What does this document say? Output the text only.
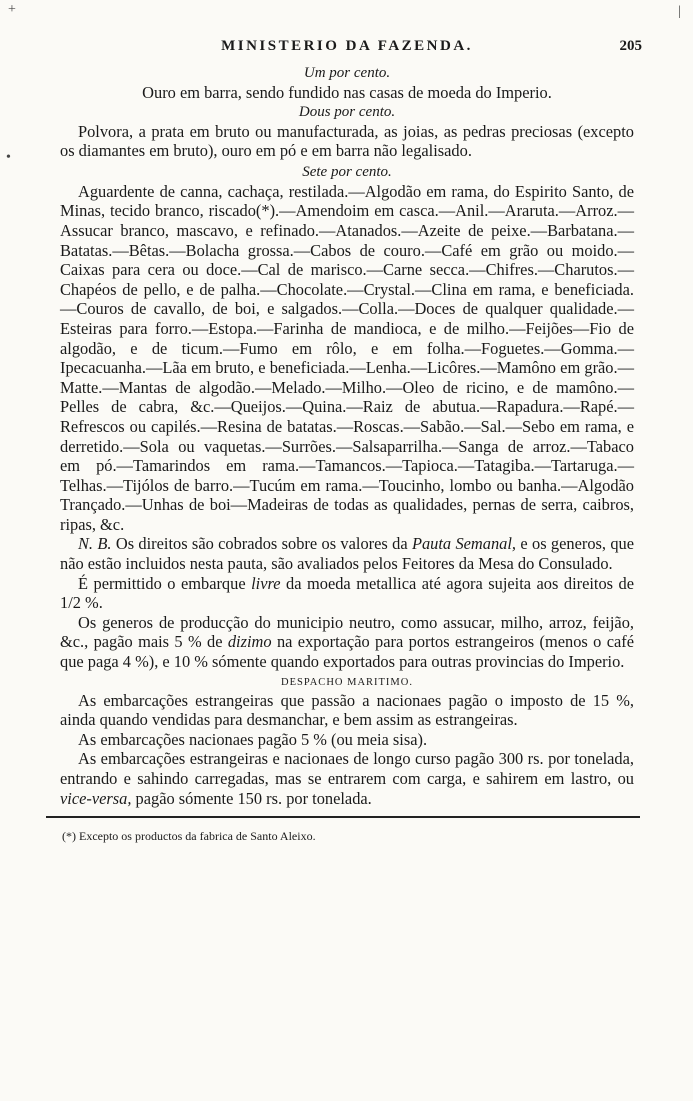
+
•
|
MINISTERIO DA FAZENDA.	205
Um por cento.

Ouro em barra, sendo fundido nas casas de moeda do Imperio.

Dous por cento.

Polvora, a prata em bruto ou manufacturada, as joias, as pedras preciosas (excepto os diamantes em bruto), ouro em pó e em barra não legalisado.

Sete por cento.

Aguardente de canna, cachaça, restilada.—Algodão em rama, do Espirito Santo, de Minas, tecido branco, riscado(*).—Amendoim em casca.—Anil.—Araruta.—Arroz.—Assucar branco, mascavo, e refinado.—Atanados.—Azeite de peixe.—Barbatana.—Batatas.—Bêtas.—Bolacha grossa.—Cabos de couro.—Café em grão ou moido.—Caixas para cera ou doce.—Cal de marisco.—Carne secca.—Chifres.—Charutos.—Chapéos de pello, e de palha.—Chocolate.—Crystal.—Clina em rama, e beneficiada.—Couros de cavallo, de boi, e salgados.—Colla.—Doces de qualquer qualidade.—Esteiras para forro.—Estopa.—Farinha de mandioca, e de milho.—Feijões—Fio de algodão, e de ticum.—Fumo em rôlo, e em folha.—Foguetes.—Gomma.—Ipecacuanha.—Lãa em bruto, e beneficiada.—Lenha.—Licôres.—Mamôno em grão.—Matte.—Mantas de algodão.—Melado.—Milho.—Oleo de ricino, e de mamôno.—Pelles de cabra, &c.—Queijos.—Quina.—Raiz de abutua.—Rapadura.—Rapé.—Refrescos ou capilés.—Resina de batatas.—Roscas.—Sabão.—Sal.—Sebo em rama, e derretido.—Sola ou vaquetas.—Surrões.—Salsaparrilha.—Sanga de arroz.—Tabaco em pó.—Tamarindos em rama.—Tamancos.—Tapioca.—Tatagiba.—Tartaruga.—Telhas.—Tijólos de barro.—Tucúm em rama.—Toucinho, lombo ou banha.—Algodão Trançado.—Unhas de boi—Madeiras de todas as qualidades, pernas de serra, caibros, ripas, &c.

N. B. Os direitos são cobrados sobre os valores da Pauta Semanal, e os generos, que não estão incluidos nesta pauta, são avaliados pelos Feitores da Mesa do Consulado.

É permittido o embarque livre da moeda metallica até agora sujeita aos direitos de 1/2 %.

Os generos de producção do municipio neutro, como assucar, milho, arroz, feijão, &c., pagão mais 5 % de dizimo na exportação para portos estrangeiros (menos o café que paga 4 %), e 10 % sómente quando exportados para outras provincias do Imperio.

DESPACHO MARITIMO.

As embarcações estrangeiras que passão a nacionaes pagão o imposto de 15 %, ainda quando vendidas para desmanchar, e bem assim as estrangeiras.

As embarcações nacionaes pagão 5 % (ou meia sisa).

As embarcações estrangeiras e nacionaes de longo curso pagão 300 rs. por tonelada, entrando e sahindo carregadas, mas se entrarem com carga, e sahirem em lastro, ou vice-versa, pagão sómente 150 rs. por tonelada.

(*) Excepto os productos da fabrica de Santo Aleixo.
